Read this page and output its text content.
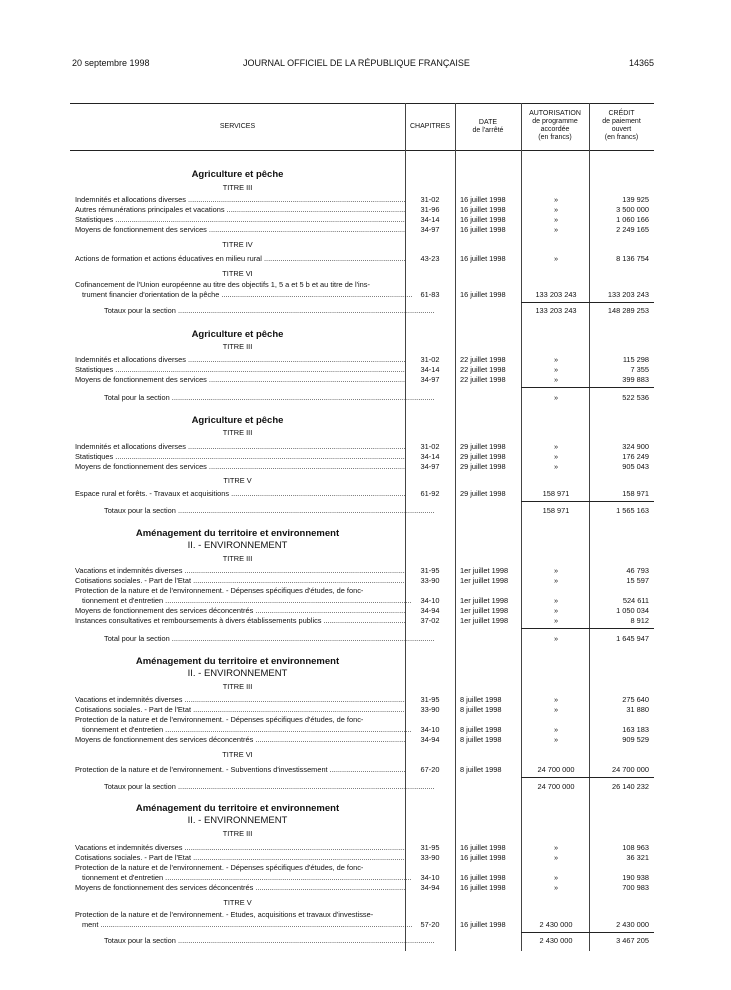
20 septembre 1998	JOURNAL OFFICIEL DE LA RÉPUBLIQUE FRANÇAISE	14365
SERVICES	CHAPITRES
DATE
de l'arrêté
AUTORISATION
de programme
accordée
(en francs)
CRÉDIT
de paiement
ouvert
(en francs)
Agriculture et pêche
TITRE III
Indemnités et allocations diverses .....	31-02	16 juillet 1998	»	139 925
Autres rémunérations principales et vacations .....	31-96	16 juillet 1998	»	3 500 000
Statistiques .....	34-14	16 juillet 1998	»	1 060 166
Moyens de fonctionnement des services .....	34-97	16 juillet 1998	»	2 249 165
TITRE IV
Actions de formation et actions éducatives en milieu rural .....	43-23	16 juillet 1998	»	8 136 754
TITRE VI
Cofinancement de l'Union européenne au titre des objectifs 1, 5 a et 5 b et au titre de l'ins-
trument financier d'orientation de la pêche .....	61-83	16 juillet 1998	133 203 243	133 203 243
Totaux pour la section .....	133 203 243	148 289 253
Agriculture et pêche
TITRE III
Indemnités et allocations diverses .....	31-02	22 juillet 1998	»	115 298
Statistiques .....	34-14	22 juillet 1998	»	7 355
Moyens de fonctionnement des services .....	34-97	22 juillet 1998	»	399 883
Total pour la section .....	»	522 536
Agriculture et pêche
TITRE III
Indemnités et allocations diverses .....	31-02	29 juillet 1998	»	324 900
Statistiques .....	34-14	29 juillet 1998	»	176 249
Moyens de fonctionnement des services .....	34-97	29 juillet 1998	»	905 043
TITRE V
Espace rural et forêts. - Travaux et acquisitions .....	61-92	29 juillet 1998	158 971	158 971
Totaux pour la section .....	158 971	1 565 163
Aménagement du territoire et environnement
II. - ENVIRONNEMENT
TITRE III
Vacations et indemnités diverses .....	31-95	1er juillet 1998	»	46 793
Cotisations sociales. - Part de l'Etat .....	33-90	1er juillet 1998	»	15 597
Protection de la nature et de l'environnement. - Dépenses spécifiques d'études, de fonc-
tionnement et d'entretien .....	34-10	1er juillet 1998	»	524 611
Moyens de fonctionnement des services déconcentrés .....	34-94	1er juillet 1998	»	1 050 034
Instances consultatives et remboursements à divers établissements publics .....	37-02	1er juillet 1998	»	8 912
Total pour la section .....	»	1 645 947
Aménagement du territoire et environnement
II. - ENVIRONNEMENT
TITRE III
Vacations et indemnités diverses .....	31-95	8 juillet 1998	»	275 640
Cotisations sociales. - Part de l'Etat .....	33-90	8 juillet 1998	»	31 880
Protection de la nature et de l'environnement. - Dépenses spécifiques d'études, de fonc-
tionnement et d'entretien .....	34-10	8 juillet 1998	»	163 183
Moyens de fonctionnement des services déconcentrés .....	34-94	8 juillet 1998	»	909 529
TITRE VI
Protection de la nature et de l'environnement. - Subventions d'investissement .....	67-20	8 juillet 1998	24 700 000	24 700 000
Totaux pour la section .....	24 700 000	26 140 232
Aménagement du territoire et environnement
II. - ENVIRONNEMENT
TITRE III
Vacations et indemnités diverses .....	31-95	16 juillet 1998	»	108 963
Cotisations sociales. - Part de l'Etat .....	33-90	16 juillet 1998	»	36 321
Protection de la nature et de l'environnement. - Dépenses spécifiques d'études, de fonc-
tionnement et d'entretien .....	34-10	16 juillet 1998	»	190 938
Moyens de fonctionnement des services déconcentrés .....	34-94	16 juillet 1998	»	700 983
TITRE V
Protection de la nature et de l'environnement. - Etudes, acquisitions et travaux d'investisse-
ment .....	57-20	16 juillet 1998	2 430 000	2 430 000
Totaux pour la section .....	2 430 000	3 467 205
